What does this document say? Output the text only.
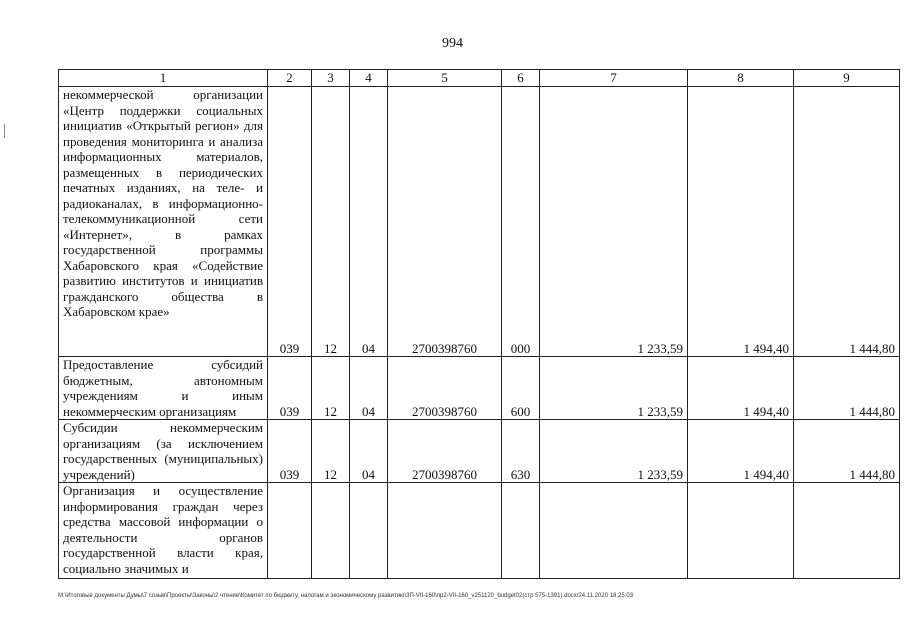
994
1	2	3	4	5	6	7	8	9
некоммерческой организации «Центр поддержки социальных инициатив «Открытый регион» для проведения мониторинга и анализа информационных материалов, размещенных в периодических печатных изданиях, на теле- и радиоканалах, в информационно-телекоммуникационной сети «Интернет», в рамках государственной программы Хабаровского края «Содействие развитию институтов и инициатив гражданского общества в Хабаровском крае»	039	12	04	2700398760	000	1 233,59	1 494,40	1 444,80
Предоставление субсидий бюджетным, автономным учреждениям и иным некоммерческим организациям	039	12	04	2700398760	600	1 233,59	1 494,40	1 444,80
Субсидии некоммерческим организациям (за исключением государственных (муниципальных) учреждений)	039	12	04	2700398760	630	1 233,59	1 494,40	1 444,80
Организация и осуществление информирования граждан через средства массовой информации о деятельности органов государственной власти края, социально значимых и								
M:\Итоговые документы Думы\7 созыв\Проекты\Законы\2 чтение\Комитет по бюджету, налогам и экономическому развитию\3П-VII-160\пр2-VII-160_v251120_budget02(стр 575-1391).docx/24.11.2020 18:25:03
